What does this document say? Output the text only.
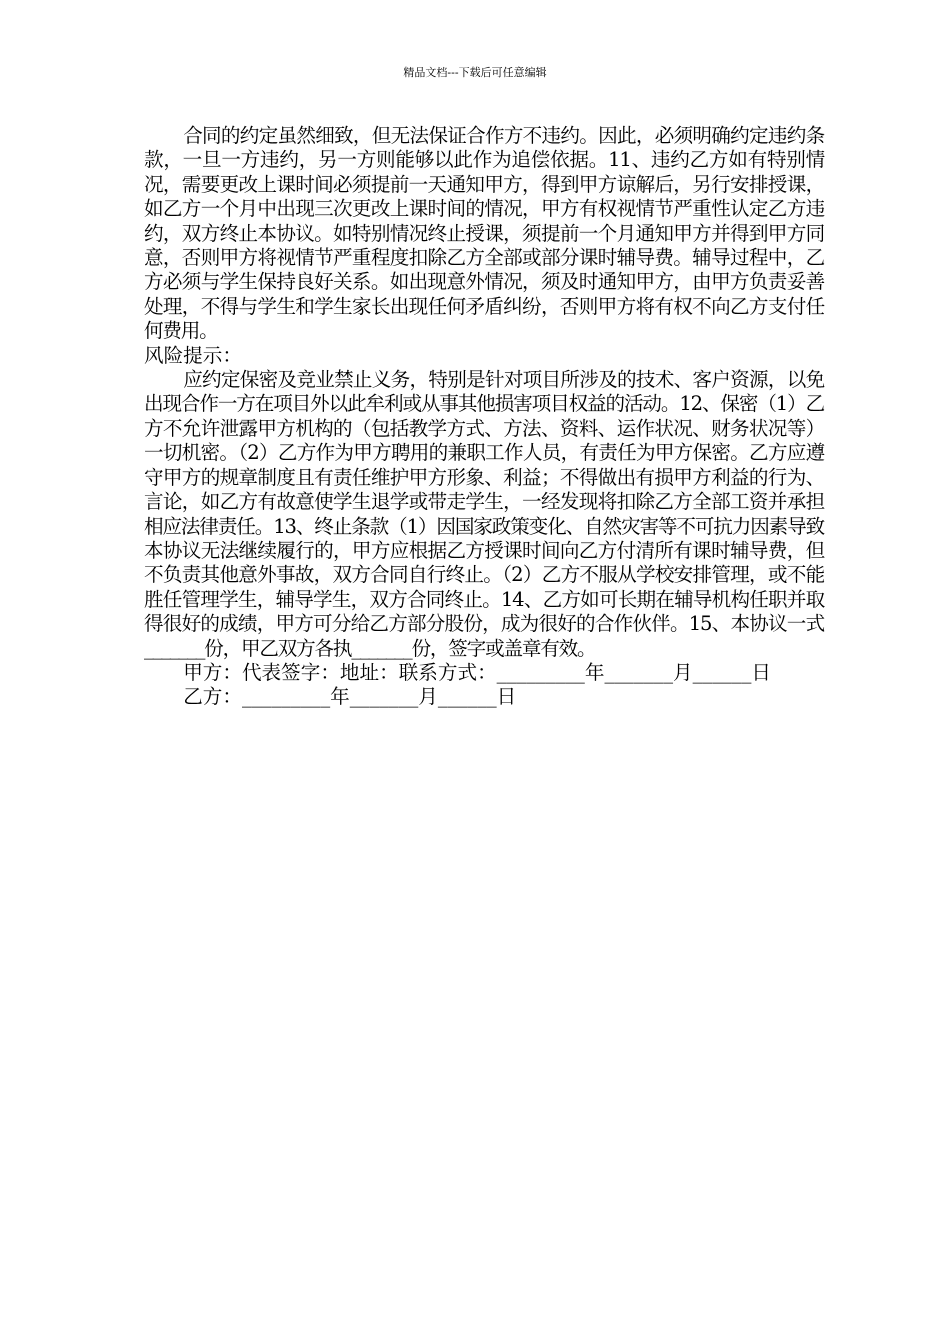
精品文档---下载后可任意编辑

合同的约定虽然细致，但无法保证合作方不违约。因此，必须明确约定违约条款，一旦一方违约，另一方则能够以此作为追偿依据。11、违约乙方如有特别情况，需要更改上课时间必须提前一天通知甲方，得到甲方谅解后，另行安排授课，如乙方一个月中出现三次更改上课时间的情况，甲方有权视情节严重性认定乙方违约，双方终止本协议。如特别情况终止授课，须提前一个月通知甲方并得到甲方同意，否则甲方将视情节严重程度扣除乙方全部或部分课时辅导费。辅导过程中，乙方必须与学生保持良好关系。如出现意外情况，须及时通知甲方，由甲方负责妥善处理，不得与学生和学生家长出现任何矛盾纠纷，否则甲方将有权不向乙方支付任何费用。

风险提示：

应约定保密及竞业禁止义务，特别是针对项目所涉及的技术、客户资源，以免出现合作一方在项目外以此牟利或从事其他损害项目权益的活动。12、保密（1）乙方不允许泄露甲方机构的（包括教学方式、方法、资料、运作状况、财务状况等）一切机密。（2）乙方作为甲方聘用的兼职工作人员，有责任为甲方保密。乙方应遵守甲方的规章制度且有责任维护甲方形象、利益；不得做出有损甲方利益的行为、言论，如乙方有故意使学生退学或带走学生，一经发现将扣除乙方全部工资并承担相应法律责任。13、终止条款（1）因国家政策变化、自然灾害等不可抗力因素导致本协议无法继续履行的，甲方应根据乙方授课时间向乙方付清所有课时辅导费，但不负责其他意外事故，双方合同自行终止。（2）乙方不服从学校安排管理，或不能胜任管理学生，辅导学生，双方合同终止。14、乙方如可长期在辅导机构任职并取得很好的成绩，甲方可分给乙方部分股份，成为很好的合作伙伴。15、本协议一式_______份，甲乙双方各执_______份，签字或盖章有效。

甲方：代表签字：地址：联系方式：_________年_______月______日

乙方：_________年_______月______日
